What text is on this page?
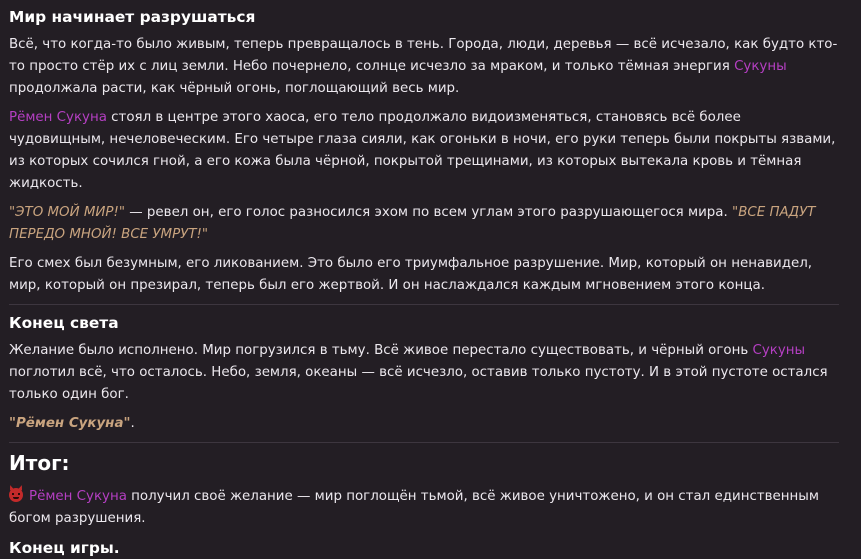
Мир начинает разрушаться

Всё, что когда-то было живым, теперь превращалось в тень. Города, люди, деревья — всё исчезало, как будто кто-то просто стёр их с лиц земли. Небо почернело, солнце исчезло за мраком, и только тёмная энергия Сукуны продолжала расти, как чёрный огонь, поглощающий весь мир.

Рёмен Сукуна стоял в центре этого хаоса, его тело продолжало видоизменяться, становясь всё более чудовищным, нечеловеческим. Его четыре глаза сияли, как огоньки в ночи, его руки теперь были покрыты язвами, из которых сочился гной, а его кожа была чёрной, покрытой трещинами, из которых вытекала кровь и тёмная жидкость.

"ЭТО МОЙ МИР!" — ревел он, его голос разносился эхом по всем углам этого разрушающегося мира. "ВСЕ ПАДУТ ПЕРЕДО МНОЙ! ВСЕ УМРУТ!"

Его смех был безумным, его ликованием. Это было его триумфальное разрушение. Мир, который он ненавидел, мир, который он презирал, теперь был его жертвой. И он наслаждался каждым мгновением этого конца.

Конец света

Желание было исполнено. Мир погрузился в тьму. Всё живое перестало существовать, и чёрный огонь Сукуны поглотил всё, что осталось. Небо, земля, океаны — всё исчезло, оставив только пустоту. И в этой пустоте остался только один бог.

"Рёмен Сукуна".

Итог:

Рёмен Сукуна получил своё желание — мир поглощён тьмой, всё живое уничтожено, и он стал единственным богом разрушения.

Конец игры.
